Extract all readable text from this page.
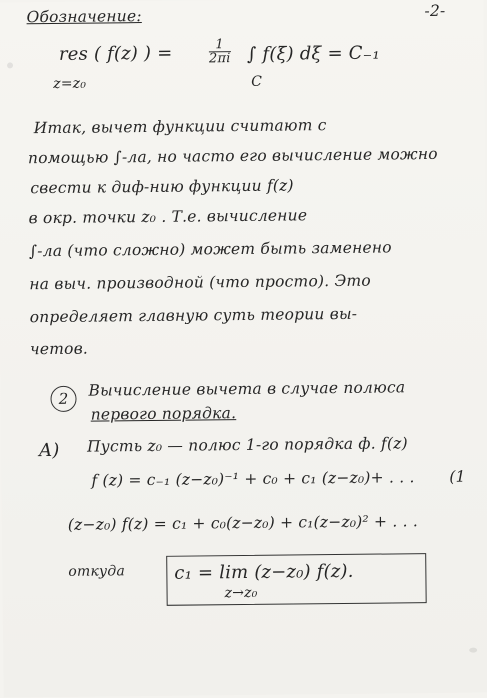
-2-
Обозначение:
res ( f(z) ) =
z=z₀
$\frac{1}{2\pi i}$ ∫ f(ξ) dξ = C₋₁
C
Итак, вычет функции считают с
помощью ∫-ла, но часто его вычисление можно
свести к диф-нию функции f(z)
в окр. точки z₀ . Т.е. вычисление
∫-ла (что сложно) может быть заменено
на выч. производной (что просто). Это
определяет главную суть теории вы-
четов.
2	Вычисление вычета в случае полюса
первого порядка.
A) Пусть z₀ — полюс 1-го порядка ф. f(z)
f (z) = c₋₁ (z−z₀)⁻¹ + c₀ + c₁ (z−z₀)+ . . . (1
(z−z₀) f(z) = c₁ + c₀(z−z₀) + c₁(z−z₀)² + . . .
откуда	c₁ = lim (z−z₀) f(z).
z→z₀
